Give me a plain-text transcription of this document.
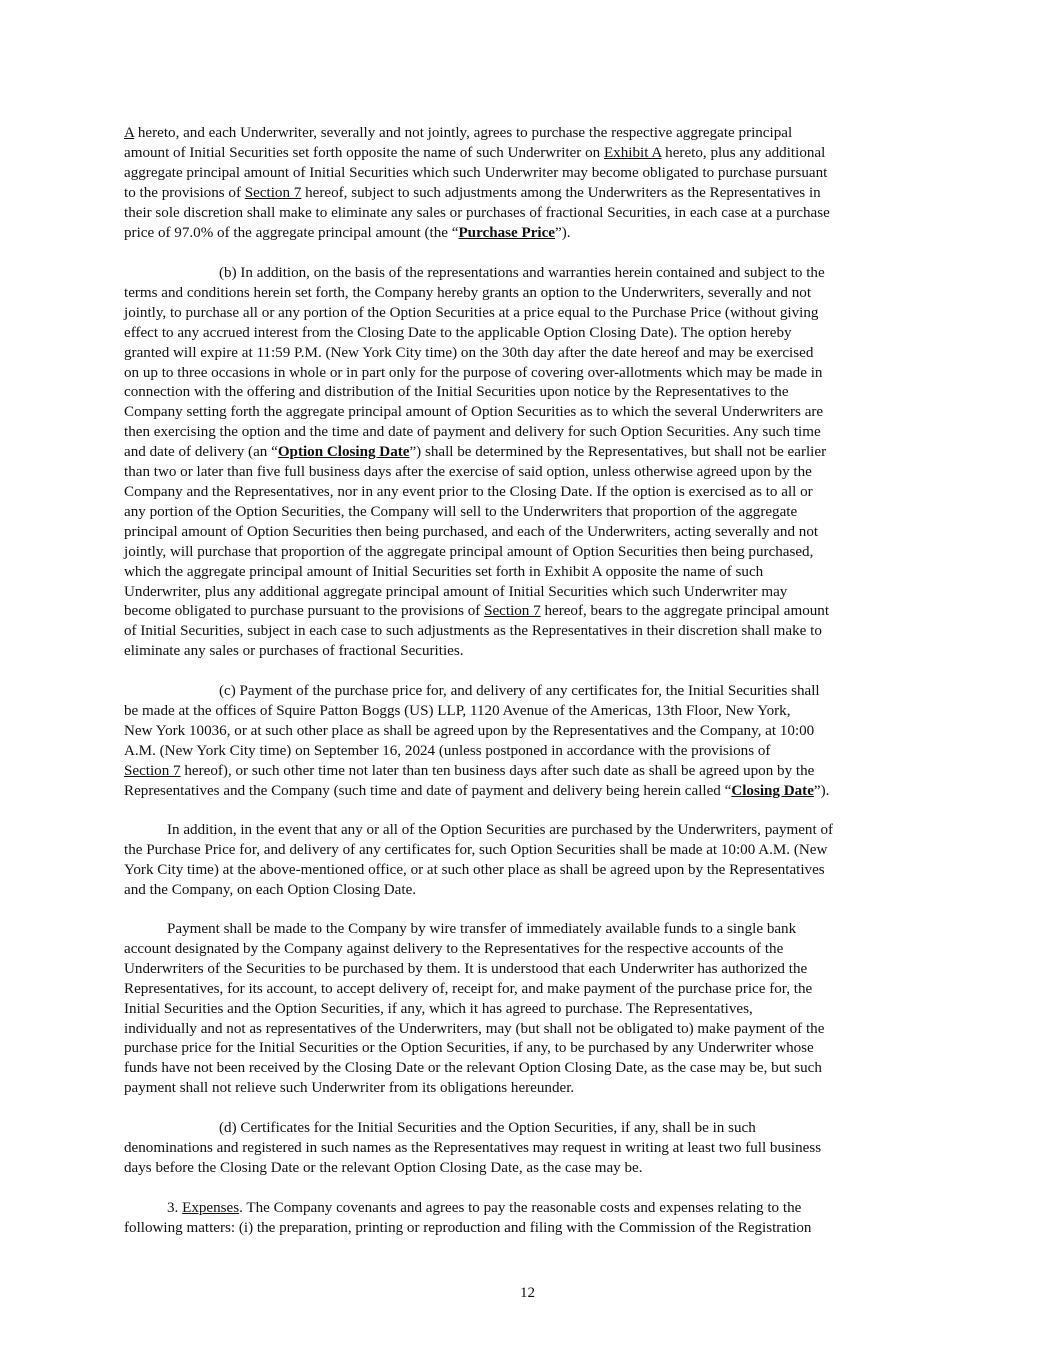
A hereto, and each Underwriter, severally and not jointly, agrees to purchase the respective aggregate principal
amount of Initial Securities set forth opposite the name of such Underwriter on Exhibit A hereto, plus any additional
aggregate principal amount of Initial Securities which such Underwriter may become obligated to purchase pursuant
to the provisions of Section 7 hereof, subject to such adjustments among the Underwriters as the Representatives in
their sole discretion shall make to eliminate any sales or purchases of fractional Securities, in each case at a purchase
price of 97.0% of the aggregate principal amount (the “Purchase Price”).
(b) In addition, on the basis of the representations and warranties herein contained and subject to the
terms and conditions herein set forth, the Company hereby grants an option to the Underwriters, severally and not
jointly, to purchase all or any portion of the Option Securities at a price equal to the Purchase Price (without giving
effect to any accrued interest from the Closing Date to the applicable Option Closing Date). The option hereby
granted will expire at 11:59 P.M. (New York City time) on the 30th day after the date hereof and may be exercised
on up to three occasions in whole or in part only for the purpose of covering over-allotments which may be made in
connection with the offering and distribution of the Initial Securities upon notice by the Representatives to the
Company setting forth the aggregate principal amount of Option Securities as to which the several Underwriters are
then exercising the option and the time and date of payment and delivery for such Option Securities. Any such time
and date of delivery (an “Option Closing Date”) shall be determined by the Representatives, but shall not be earlier
than two or later than five full business days after the exercise of said option, unless otherwise agreed upon by the
Company and the Representatives, nor in any event prior to the Closing Date. If the option is exercised as to all or
any portion of the Option Securities, the Company will sell to the Underwriters that proportion of the aggregate
principal amount of Option Securities then being purchased, and each of the Underwriters, acting severally and not
jointly, will purchase that proportion of the aggregate principal amount of Option Securities then being purchased,
which the aggregate principal amount of Initial Securities set forth in Exhibit A opposite the name of such
Underwriter, plus any additional aggregate principal amount of Initial Securities which such Underwriter may
become obligated to purchase pursuant to the provisions of Section 7 hereof, bears to the aggregate principal amount
of Initial Securities, subject in each case to such adjustments as the Representatives in their discretion shall make to
eliminate any sales or purchases of fractional Securities.
(c) Payment of the purchase price for, and delivery of any certificates for, the Initial Securities shall
be made at the offices of Squire Patton Boggs (US) LLP, 1120 Avenue of the Americas, 13th Floor, New York,
New York 10036, or at such other place as shall be agreed upon by the Representatives and the Company, at 10:00
A.M. (New York City time) on September 16, 2024 (unless postponed in accordance with the provisions of
Section 7 hereof), or such other time not later than ten business days after such date as shall be agreed upon by the
Representatives and the Company (such time and date of payment and delivery being herein called “Closing Date”).
In addition, in the event that any or all of the Option Securities are purchased by the Underwriters, payment of
the Purchase Price for, and delivery of any certificates for, such Option Securities shall be made at 10:00 A.M. (New
York City time) at the above-mentioned office, or at such other place as shall be agreed upon by the Representatives
and the Company, on each Option Closing Date.
Payment shall be made to the Company by wire transfer of immediately available funds to a single bank
account designated by the Company against delivery to the Representatives for the respective accounts of the
Underwriters of the Securities to be purchased by them. It is understood that each Underwriter has authorized the
Representatives, for its account, to accept delivery of, receipt for, and make payment of the purchase price for, the
Initial Securities and the Option Securities, if any, which it has agreed to purchase. The Representatives,
individually and not as representatives of the Underwriters, may (but shall not be obligated to) make payment of the
purchase price for the Initial Securities or the Option Securities, if any, to be purchased by any Underwriter whose
funds have not been received by the Closing Date or the relevant Option Closing Date, as the case may be, but such
payment shall not relieve such Underwriter from its obligations hereunder.
(d) Certificates for the Initial Securities and the Option Securities, if any, shall be in such
denominations and registered in such names as the Representatives may request in writing at least two full business
days before the Closing Date or the relevant Option Closing Date, as the case may be.
3. Expenses. The Company covenants and agrees to pay the reasonable costs and expenses relating to the
following matters: (i) the preparation, printing or reproduction and filing with the Commission of the Registration
12
